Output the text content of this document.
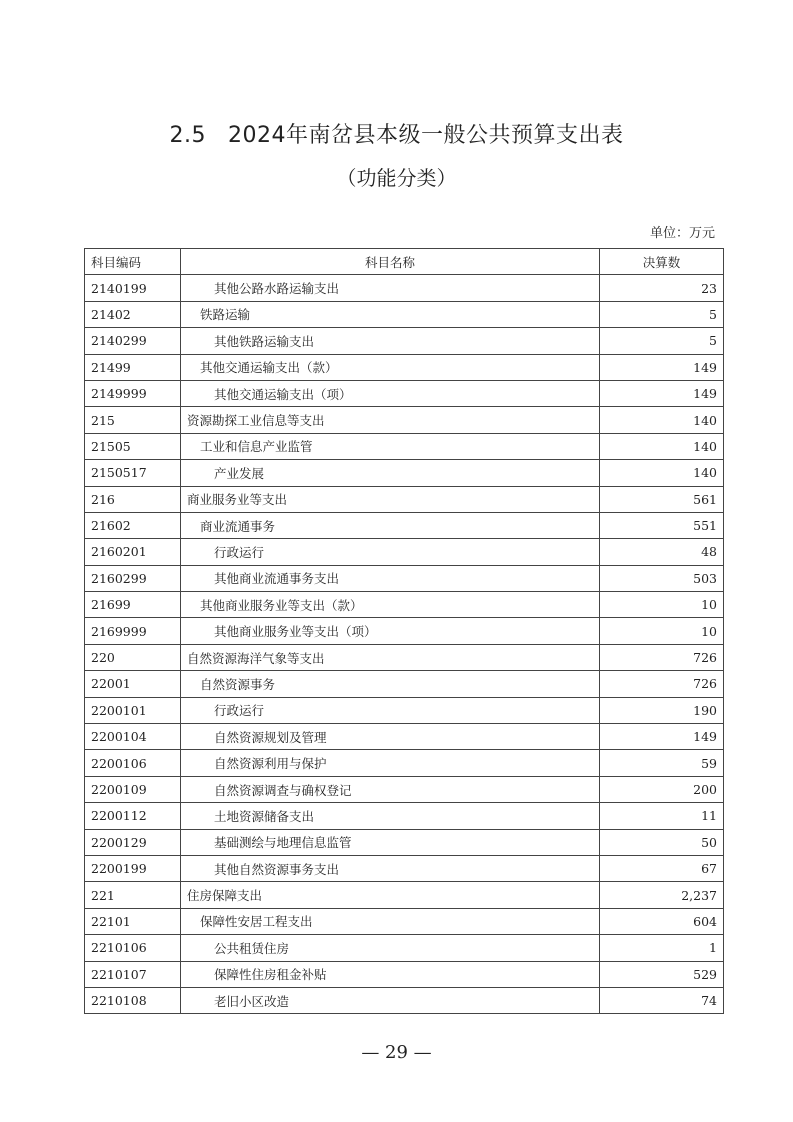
2.5 2024年南岔县本级一般公共预算支出表
（功能分类）
单位：万元
科目编码	科目名称	决算数
2140199	其他公路水路运输支出	23
21402	铁路运输	5
2140299	其他铁路运输支出	5
21499	其他交通运输支出（款）	149
2149999	其他交通运输支出（项）	149
215	资源勘探工业信息等支出	140
21505	工业和信息产业监管	140
2150517	产业发展	140
216	商业服务业等支出	561
21602	商业流通事务	551
2160201	行政运行	48
2160299	其他商业流通事务支出	503
21699	其他商业服务业等支出（款）	10
2169999	其他商业服务业等支出（项）	10
220	自然资源海洋气象等支出	726
22001	自然资源事务	726
2200101	行政运行	190
2200104	自然资源规划及管理	149
2200106	自然资源利用与保护	59
2200109	自然资源调查与确权登记	200
2200112	土地资源储备支出	11
2200129	基础测绘与地理信息监管	50
2200199	其他自然资源事务支出	67
221	住房保障支出	2,237
22101	保障性安居工程支出	604
2210106	公共租赁住房	1
2210107	保障性住房租金补贴	529
2210108	老旧小区改造	74
— 29 —
